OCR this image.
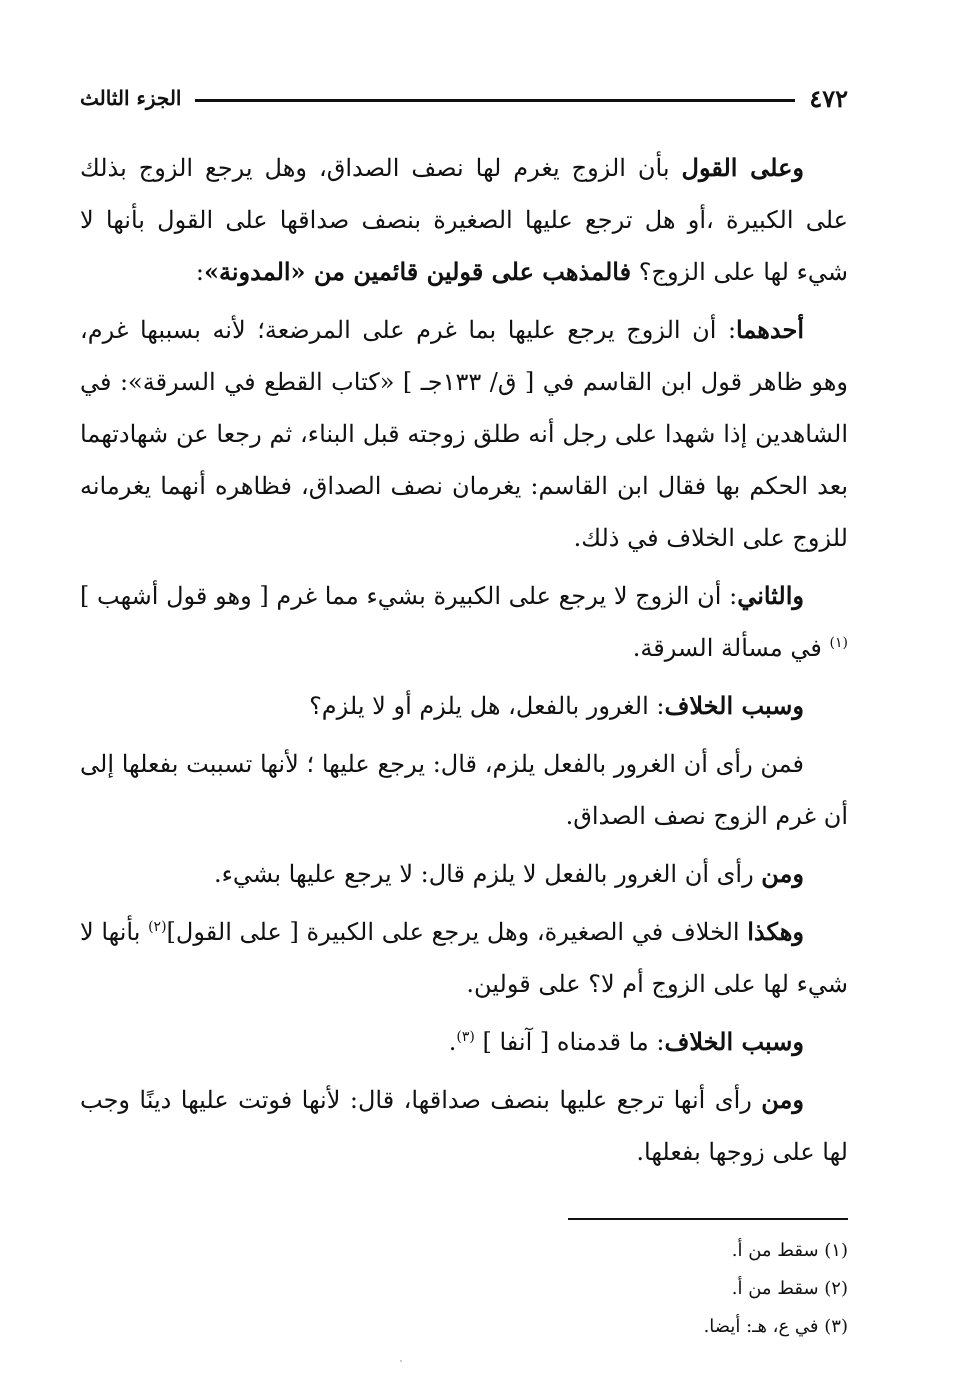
٤٧٢
الجزء الثالث

وعلى القول بأن الزوج يغرم لها نصف الصداق، وهل يرجع الزوج بذلك على الكبيرة ،أو هل ترجع عليها الصغيرة بنصف صداقها على القول بأنها لا شيء لها على الزوج؟ فالمذهب على قولين قائمين من «المدونة»:

أحدهما: أن الزوج يرجع عليها بما غرم على المرضعة؛ لأنه بسببها غرم، وهو ظاهر قول ابن القاسم في [ ق/ ١٣٣جـ ] «كتاب القطع في السرقة»: في الشاهدين إذا شهدا على رجل أنه طلق زوجته قبل البناء، ثم رجعا عن شهادتهما بعد الحكم بها فقال ابن القاسم: يغرمان نصف الصداق، فظاهره أنهما يغرمانه للزوج على الخلاف في ذلك.

والثاني: أن الزوج لا يرجع على الكبيرة بشيء مما غرم [ وهو قول أشهب ]$^{(١)}$ في مسألة السرقة.

وسبب الخلاف: الغرور بالفعل، هل يلزم أو لا يلزم؟

فمن رأى أن الغرور بالفعل يلزم، قال: يرجع عليها ؛ لأنها تسببت بفعلها إلى أن غرم الزوج نصف الصداق.

ومن رأى أن الغرور بالفعل لا يلزم قال: لا يرجع عليها بشيء.

وهكذا الخلاف في الصغيرة، وهل يرجع على الكبيرة [ على القول]$^{(٢)}$ بأنها لا شيء لها على الزوج أم لا؟ على قولين.

وسبب الخلاف: ما قدمناه [ آنفا ] $^{(٣)}$.

ومن رأى أنها ترجع عليها بنصف صداقها، قال: لأنها فوتت عليها دينًا وجب لها على زوجها بفعلها.

(١) سقط من أ.
(٢) سقط من أ.
(٣) في ع، هـ: أيضا.
